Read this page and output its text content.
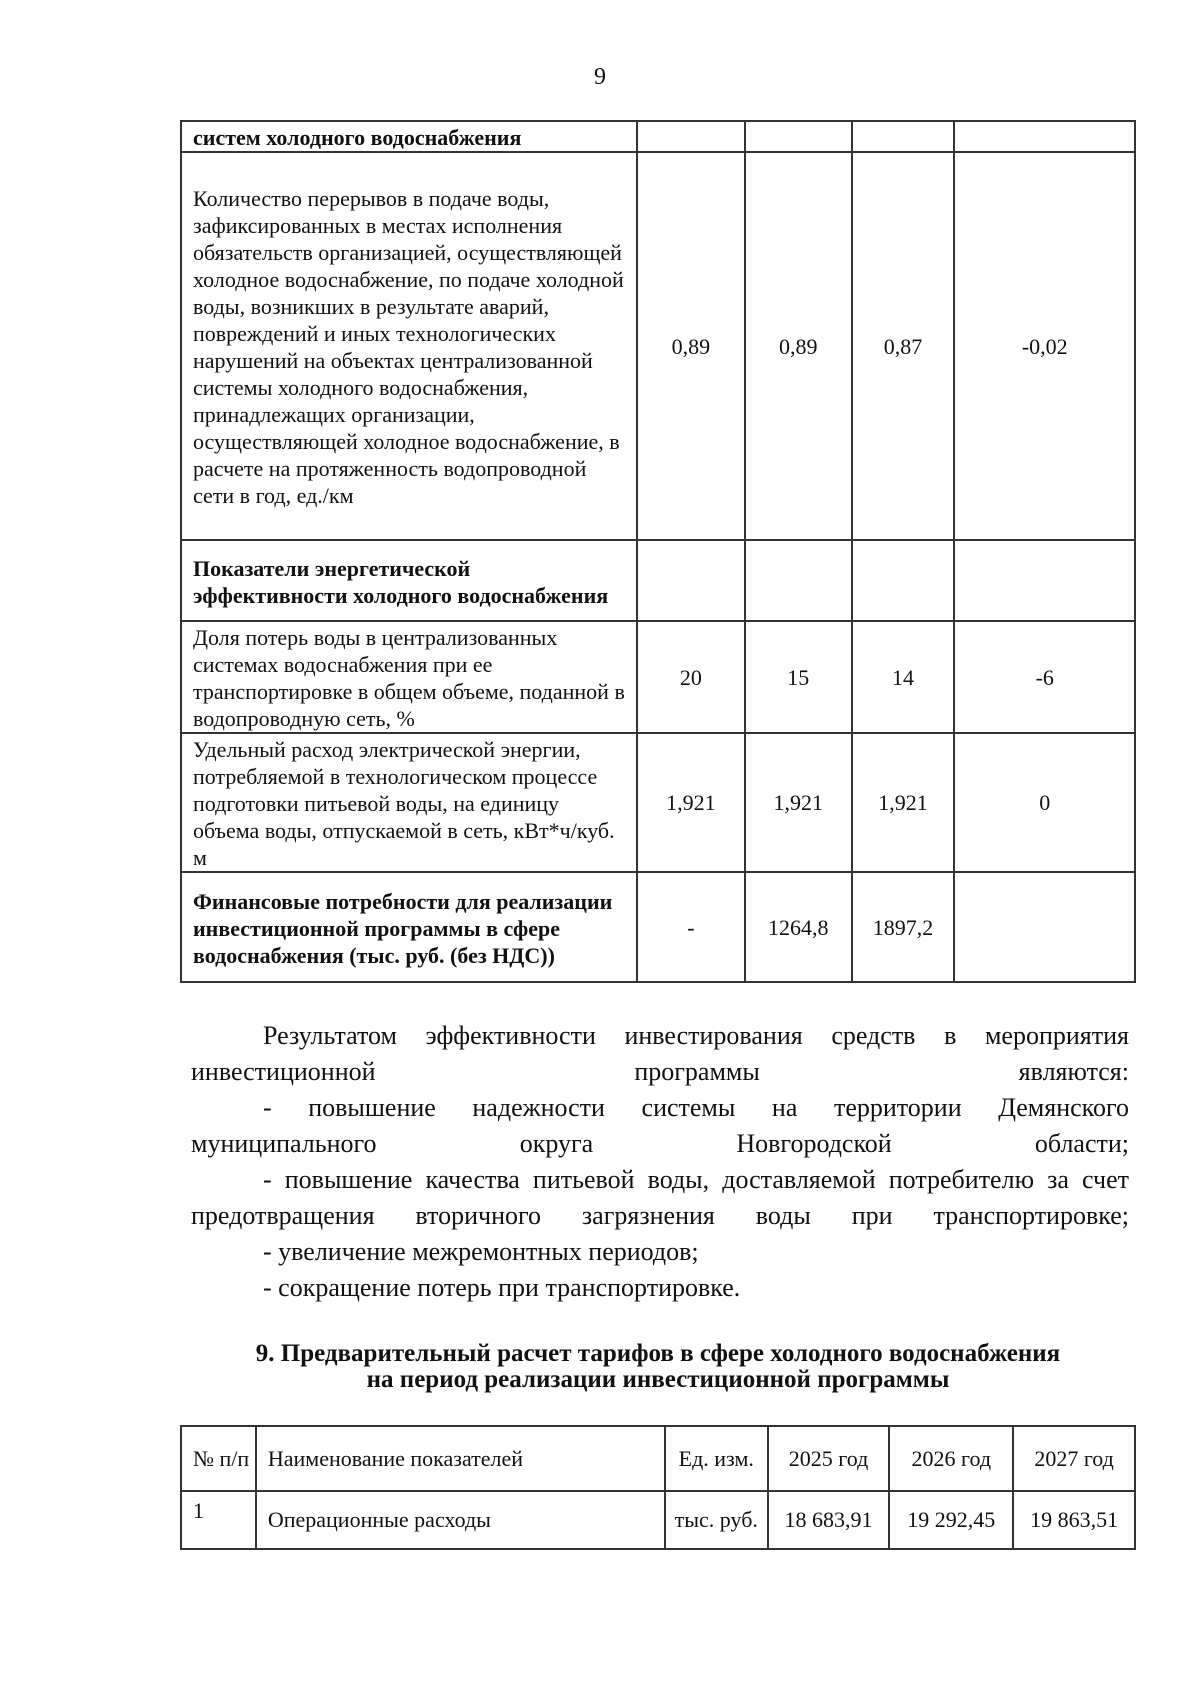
9
систем холодного водоснабжения				
Количество перерывов в подаче воды, зафиксированных в местах исполнения обязательств организацией, осуществляющей холодное водоснабжение, по подаче холодной воды, возникших в результате аварий, повреждений и иных технологических нарушений на объектах централизованной системы холодного водоснабжения, принадлежащих организации, осуществляющей холодное водоснабжение, в расчете на протяженность водопроводной сети в год, ед./км	0,89	0,89	0,87	-0,02
Показатели энергетической эффективности холодного водоснабжения				
Доля потерь воды в централизованных системах водоснабжения при ее транспортировке в общем объеме, поданной в водопроводную сеть, %	20	15	14	-6
Удельный расход электрической энергии, потребляемой в технологическом процессе подготовки питьевой воды, на единицу объема воды, отпускаемой в сеть, кВт*ч/куб. м	1,921	1,921	1,921	0
Финансовые потребности для реализации инвестиционной программы в сфере водоснабжения (тыс. руб. (без НДС))	-	1264,8	1897,2	
Результатом эффективности инвестирования средств в мероприятия инвестиционной программы являются:
- повышение надежности системы на территории Демянского муниципального округа Новгородской области;
- повышение качества питьевой воды, доставляемой потребителю за счет предотвращения вторичного загрязнения воды при транспортировке;
- увеличение межремонтных периодов;
- сокращение потерь при транспортировке.
9. Предварительный расчет тарифов в сфере холодного водоснабжения
на период реализации инвестиционной программы
№ п/п	Наименование показателей	Ед. изм.	2025 год	2026 год	2027 год
1	Операционные расходы	тыс. руб.	18 683,91	19 292,45	19 863,51
